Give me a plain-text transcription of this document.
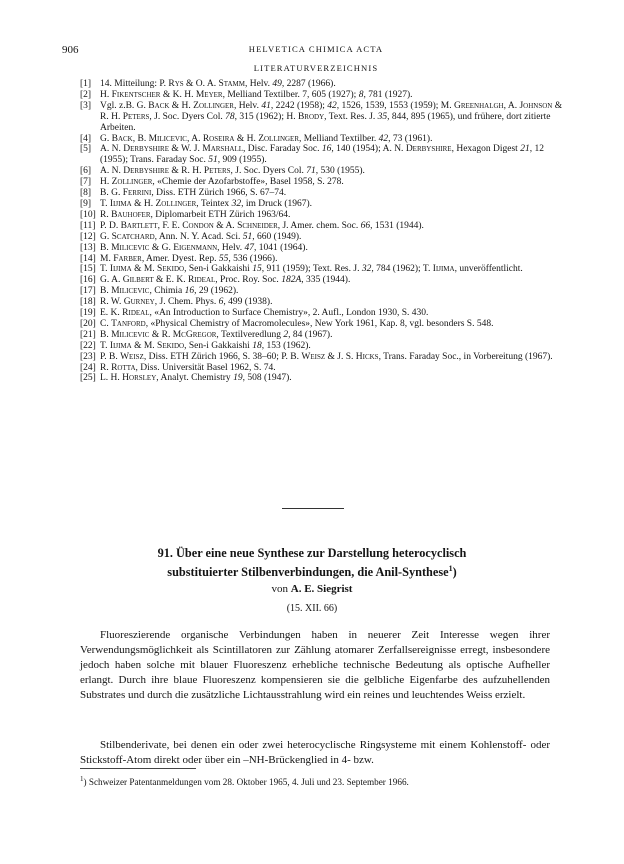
906	HELVETICA CHIMICA ACTA
LITERATURVERZEICHNIS
[1] 14. Mitteilung: P. Rys & O. A. Stamm, Helv. 49, 2287 (1966).
[2] H. Fikentscher & K. H. Meyer, Melliand Textilber. 7, 605 (1927); 8, 781 (1927).
[3] Vgl. z.B. G. Back & H. Zollinger, Helv. 41, 2242 (1958); 42, 1526, 1539, 1553 (1959); M. Greenhalgh, A. Johnson & R. H. Peters, J. Soc. Dyers Col. 78, 315 (1962); H. Brody, Text. Res. J. 35, 844, 895 (1965), und frühere, dort zitierte Arbeiten.
[4] G. Back, B. Milicevic, A. Roseira & H. Zollinger, Melliand Textilber. 42, 73 (1961).
[5] A. N. Derbyshire & W. J. Marshall, Disc. Faraday Soc. 16, 140 (1954); A. N. Derbyshire, Hexagon Digest 21, 12 (1955); Trans. Faraday Soc. 51, 909 (1955).
[6] A. N. Derbyshire & R. H. Peters, J. Soc. Dyers Col. 71, 530 (1955).
[7] H. Zollinger, «Chemie der Azofarbstoffe», Basel 1958, S. 278.
[8] B. G. Ferrini, Diss. ETH Zürich 1966, S. 67–74.
[9] T. Iijima & H. Zollinger, Teintex 32, im Druck (1967).
[10] R. Bauhofer, Diplomarbeit ETH Zürich 1963/64.
[11] P. D. Bartlett, F. E. Condon & A. Schneider, J. Amer. chem. Soc. 66, 1531 (1944).
[12] G. Scatchard, Ann. N. Y. Acad. Sci. 51, 660 (1949).
[13] B. Milicevic & G. Eigenmann, Helv. 47, 1041 (1964).
[14] M. Farber, Amer. Dyest. Rep. 55, 536 (1966).
[15] T. Iijima & M. Sekido, Sen-i Gakkaishi 15, 911 (1959); Text. Res. J. 32, 784 (1962); T. Iijima, unveröffentlicht.
[16] G. A. Gilbert & E. K. Rideal, Proc. Roy. Soc. 182A, 335 (1944).
[17] B. Milicevic, Chimia 16, 29 (1962).
[18] R. W. Gurney, J. Chem. Phys. 6, 499 (1938).
[19] E. K. Rideal, «An Introduction to Surface Chemistry», 2. Aufl., London 1930, S. 430.
[20] C. Tanford, «Physical Chemistry of Macromolecules», New York 1961, Kap. 8, vgl. besonders S. 548.
[21] B. Milicevic & R. McGregor, Textilveredlung 2, 84 (1967).
[22] T. Iijima & M. Sekido, Sen-i Gakkaishi 18, 153 (1962).
[23] P. B. Weisz, Diss. ETH Zürich 1966, S. 38–60; P. B. Weisz & J. S. Hicks, Trans. Faraday Soc., in Vorbereitung (1967).
[24] R. Rotta, Diss. Universität Basel 1962, S. 74.
[25] L. H. Horsley, Analyt. Chemistry 19, 508 (1947).
91. Über eine neue Synthese zur Darstellung heterocyclisch
substituierter Stilbenverbindungen, die Anil-Synthese$^1$)
von A. E. Siegrist
(15. XII. 66)

Fluoreszierende organische Verbindungen haben in neuerer Zeit Interesse wegen ihrer Verwendungsmöglichkeit als Scintillatoren zur Zählung atomarer Zerfallsereignisse erregt, insbesondere jedoch haben solche mit blauer Fluoreszenz erhebliche technische Bedeutung als optische Aufheller erlangt. Durch ihre blaue Fluoreszenz kompensieren sie die gelbliche Eigenfarbe des aufzuhellenden Substrates und durch die zusätzliche Lichtausstrahlung wird ein reines und leuchtendes Weiss erzielt.

Stilbenderivate, bei denen ein oder zwei heterocyclische Ringsysteme mit einem Kohlenstoff- oder Stickstoff-Atom direkt oder über ein –NH-Brückenglied in 4- bzw.

$^1$) Schweizer Patentanmeldungen vom 28. Oktober 1965, 4. Juli und 23. September 1966.
